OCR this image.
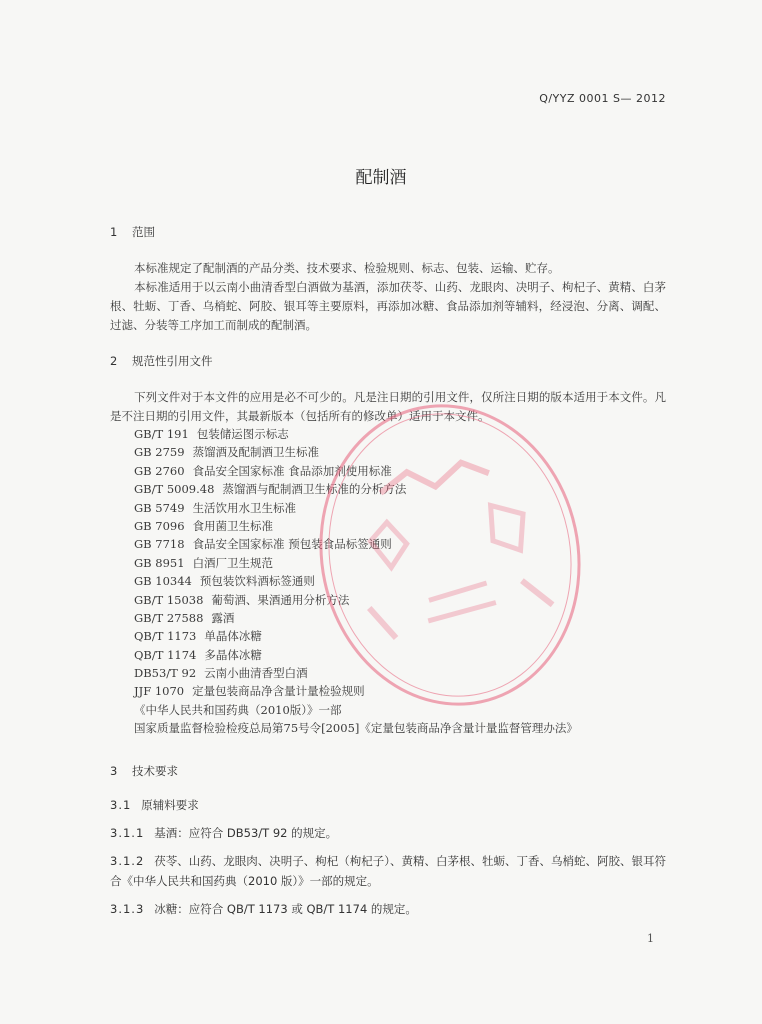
Q/YYZ 0001 S— 2012
配制酒
1 范围
本标准规定了配制酒的产品分类、技术要求、检验规则、标志、包装、运输、贮存。
本标准适用于以云南小曲清香型白酒做为基酒，添加茯苓、山药、龙眼肉、决明子、枸杞子、黄精、白茅根、牡蛎、丁香、乌梢蛇、阿胶、银耳等主要原料，再添加冰糖、食品添加剂等辅料，经浸泡、分离、调配、过滤、分装等工序加工而制成的配制酒。
2 规范性引用文件
下列文件对于本文件的应用是必不可少的。凡是注日期的引用文件，仅所注日期的版本适用于本文件。凡是不注日期的引用文件，其最新版本（包括所有的修改单）适用于本文件。
GB/T 191 包装储运图示标志
GB 2759 蒸馏酒及配制酒卫生标准
GB 2760 食品安全国家标准 食品添加剂使用标准
GB/T 5009.48 蒸馏酒与配制酒卫生标准的分析方法
GB 5749 生活饮用水卫生标准
GB 7096 食用菌卫生标准
GB 7718 食品安全国家标准 预包装食品标签通则
GB 8951 白酒厂卫生规范
GB 10344 预包装饮料酒标签通则
GB/T 15038 葡萄酒、果酒通用分析方法
GB/T 27588 露酒
QB/T 1173 单晶体冰糖
QB/T 1174 多晶体冰糖
DB53/T 92 云南小曲清香型白酒
JJF 1070 定量包装商品净含量计量检验规则
《中华人民共和国药典（2010版）》一部
国家质量监督检验检疫总局第75号令[2005]《定量包装商品净含量计量监督管理办法》
3 技术要求
3.1 原辅料要求
3.1.1 基酒：应符合 DB53/T 92 的规定。
3.1.2 茯苓、山药、龙眼肉、决明子、枸杞（枸杞子）、黄精、白茅根、牡蛎、丁香、乌梢蛇、阿胶、银耳符合《中华人民共和国药典（2010 版）》一部的规定。
3.1.3 冰糖：应符合 QB/T 1173 或 QB/T 1174 的规定。
1
